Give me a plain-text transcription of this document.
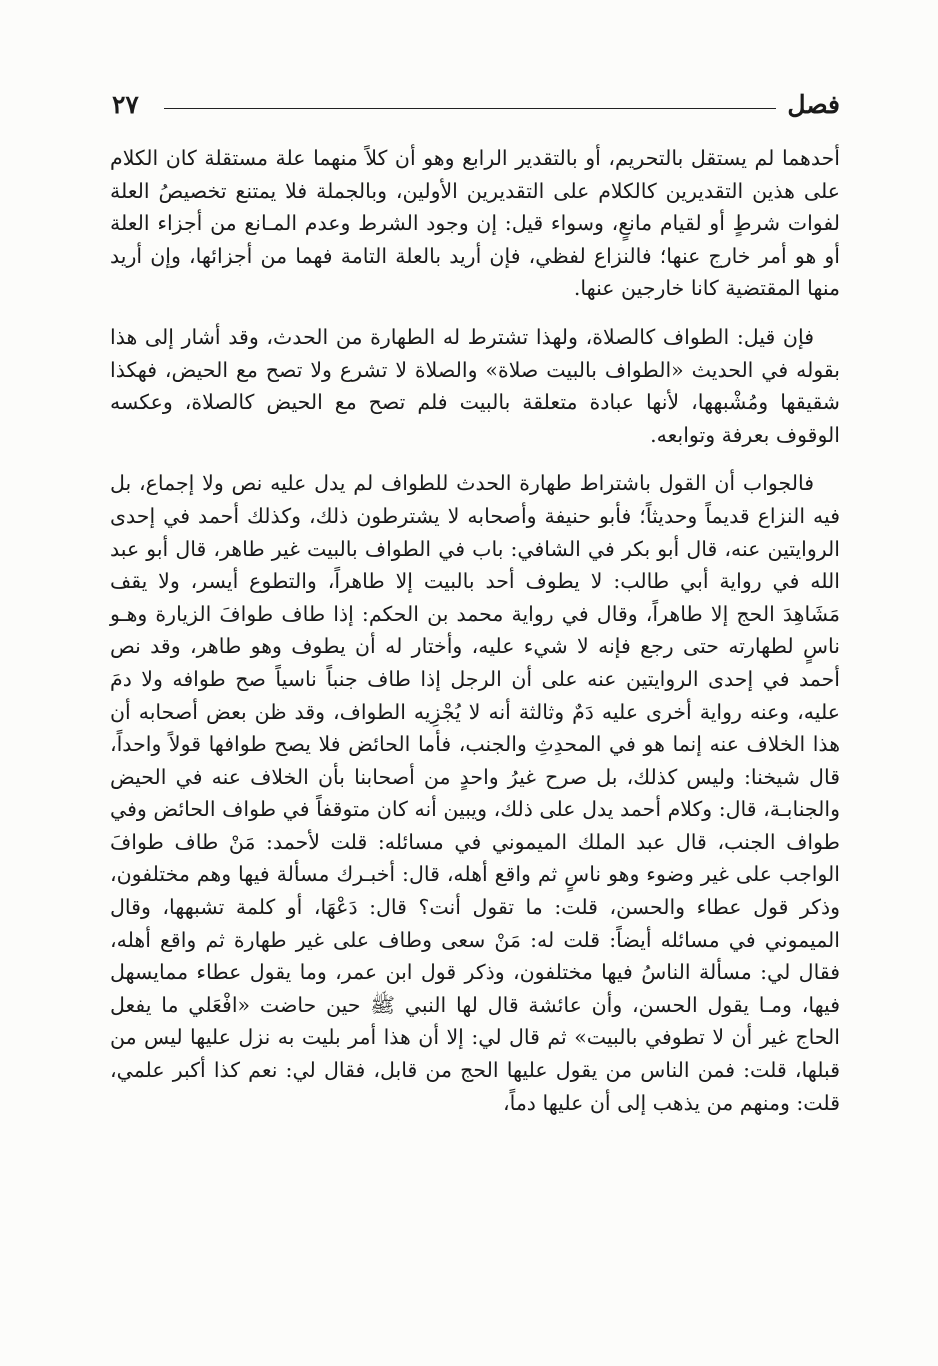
فصل
٢٧

أحدهما لم يستقل بالتحريم، أو بالتقدير الرابع وهو أن كلاً منهما علة مستقلة كان الكلام على هذين التقديرين كالكلام على التقديرين الأولين، وبالجملة فلا يمتنع تخصيصُ العلة لفوات شرطٍ أو لقيام مانعٍ، وسواء قيل: إن وجود الشرط وعدم المـانع من أجزاء العلة أو هو أمر خارج عنها؛ فالنزاع لفظي، فإن أريد بالعلة التامة فهما من أجزائها، وإن أريد منها المقتضية كانا خارجين عنها.

فإن قيل: الطواف كالصلاة، ولهذا تشترط له الطهارة من الحدث، وقد أشار إلى هذا بقوله في الحديث «الطواف بالبيت صلاة» والصلاة لا تشرع ولا تصح مع الحيض، فهكذا شقيقها ومُشْبهها، لأنها عبادة متعلقة بالبيت فلم تصح مع الحيض كالصلاة، وعكسه الوقوف بعرفة وتوابعه.

فالجواب أن القول باشتراط طهارة الحدث للطواف لم يدل عليه نص ولا إجماع، بل فيه النزاع قديماً وحديثاً؛ فأبو حنيفة وأصحابه لا يشترطون ذلك، وكذلك أحمد في إحدى الروايتين عنه، قال أبو بكر في الشافي: باب في الطواف بالبيت غير طاهر، قال أبو عبد الله في رواية أبي طالب: لا يطوف أحد بالبيت إلا طاهراً، والتطوع أيسر، ولا يقف مَشَاهِدَ الحج إلا طاهراً، وقال في رواية محمد بن الحكم: إذا طاف طوافَ الزيارة وهـو ناسٍ لطهارته حتى رجع فإنه لا شيء عليه، وأختار له أن يطوف وهو طاهر، وقد نص أحمد في إحدى الروايتين عنه على أن الرجل إذا طاف جنباً ناسياً صح طوافه ولا دمَ عليه، وعنه رواية أخرى عليه دَمٌ وثالثة أنه لا يُجْزِيه الطواف، وقد ظن بعض أصحابه أن هذا الخلاف عنه إنما هو في المحدِثِ والجنب، فأما الحائض فلا يصح طوافها قولاً واحداً، قال شيخنا: وليس كذلك، بل صرح غيرُ واحدٍ من أصحابنا بأن الخلاف عنه في الحيض والجنابـة، قال: وكلام أحمد يدل على ذلك، ويبين أنه كان متوقفاً في طواف الحائض وفي طواف الجنب، قال عبد الملك الميموني في مسائله: قلت لأحمد: مَنْ طاف طوافَ الواجب على غير وضوء وهو ناسٍ ثم واقع أهله، قال: أخبـرك مسألة فيها وهم مختلفون، وذكر قول عطاء والحسن، قلت: ما تقول أنت؟ قال: دَعْهَا، أو كلمة تشبهها، وقال الميموني في مسائله أيضاً: قلت له: مَنْ سعى وطاف على غير طهارة ثم واقع أهله، فقال لي: مسألة الناسُ فيها مختلفون، وذكر قول ابن عمر، وما يقول عطاء ممايسهل فيها، ومـا يقول الحسن، وأن عائشة قال لها النبي ﷺ حين حاضت «افْعَلي ما يفعل الحاج غير أن لا تطوفي بالبيت» ثم قال لي: إلا أن هذا أمر بليت به نزل عليها ليس من قبلها، قلت: فمن الناس من يقول عليها الحج من قابل، فقال لي: نعم كذا أكبر علمي، قلت: ومنهم من يذهب إلى أن عليها دماً،
